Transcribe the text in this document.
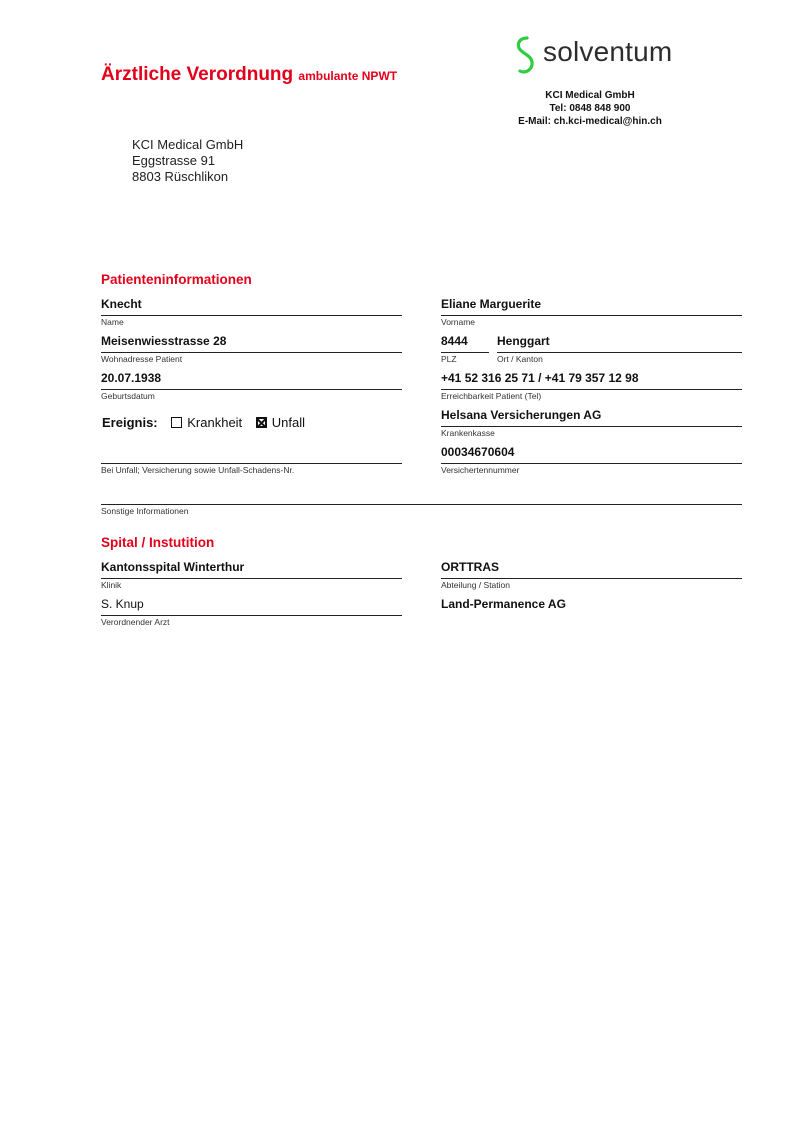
Ärztliche Verordnung ambulante NPWT
solventum
KCI Medical GmbH
Tel: 0848 848 900
E-Mail: ch.kci-medical@hin.ch
KCI Medical GmbH
Eggstrasse 91
8803 Rüschlikon
Patienteninformationen
Knecht
Name
Eliane Marguerite
Vorname
Meisenwiesstrasse 28
Wohnadresse Patient
8444
PLZ
Henggart
Ort / Kanton
20.07.1938
Geburtsdatum
+41 52 316 25 71 / +41 79 357 12 98
Erreichbarkeit Patient (Tel)
Ereignis: Krankheit Unfall	Helsana Versicherungen AG
Krankenkasse
Bei Unfall; Versicherung sowie Unfall-Schadens-Nr.
00034670604
Versichertennummer
Sonstige Informationen
Spital / Instutition
Kantonsspital Winterthur
Klinik
ORTTRAS
Abteilung / Station
S. Knup
Verordnender Arzt
Land-Permanence AG
